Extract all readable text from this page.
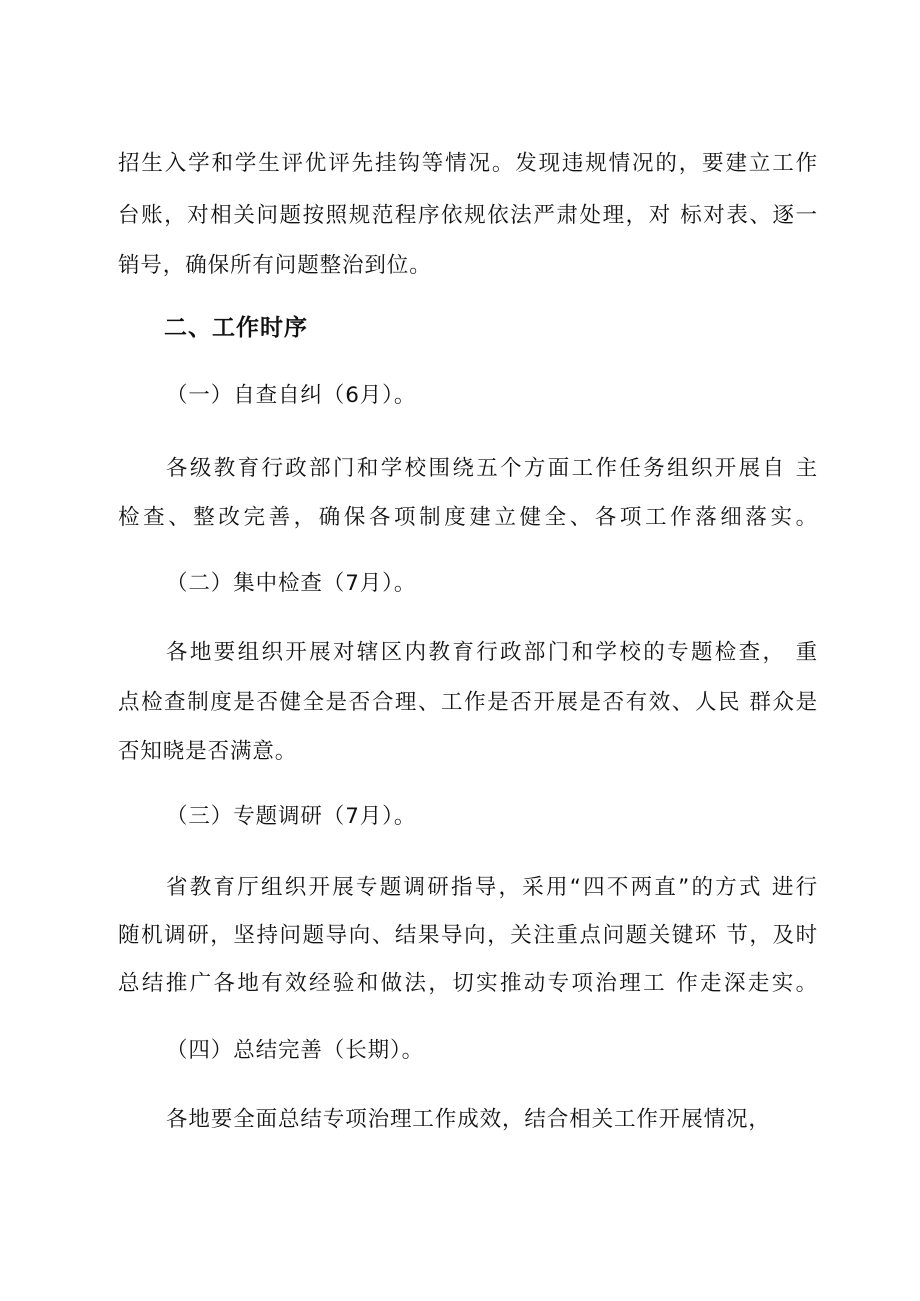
招生入学和学生评优评先挂钩等情况。发现违规情况的，要建立工作
台账，对相关问题按照规范程序依规依法严肃处理，对 标对表、逐一
销号，确保所有问题整治到位。
二、工作时序
（一）自查自纠（6月）。
各级教育行政部门和学校围绕五个方面工作任务组织开展自 主
检查、整改完善，确保各项制度建立健全、各项工作落细落实。
（二）集中检查（7月）。
各地要组织开展对辖区内教育行政部门和学校的专题检查， 重
点检查制度是否健全是否合理、工作是否开展是否有效、人民 群众是
否知晓是否满意。
（三）专题调研（7月）。
省教育厅组织开展专题调研指导，采用“四不两直”的方式 进行
随机调研，坚持问题导向、结果导向，关注重点问题关键环 节，及时
总结推广各地有效经验和做法，切实推动专项治理工 作走深走实。
（四）总结完善（长期）。
各地要全面总结专项治理工作成效，结合相关工作开展情况，
